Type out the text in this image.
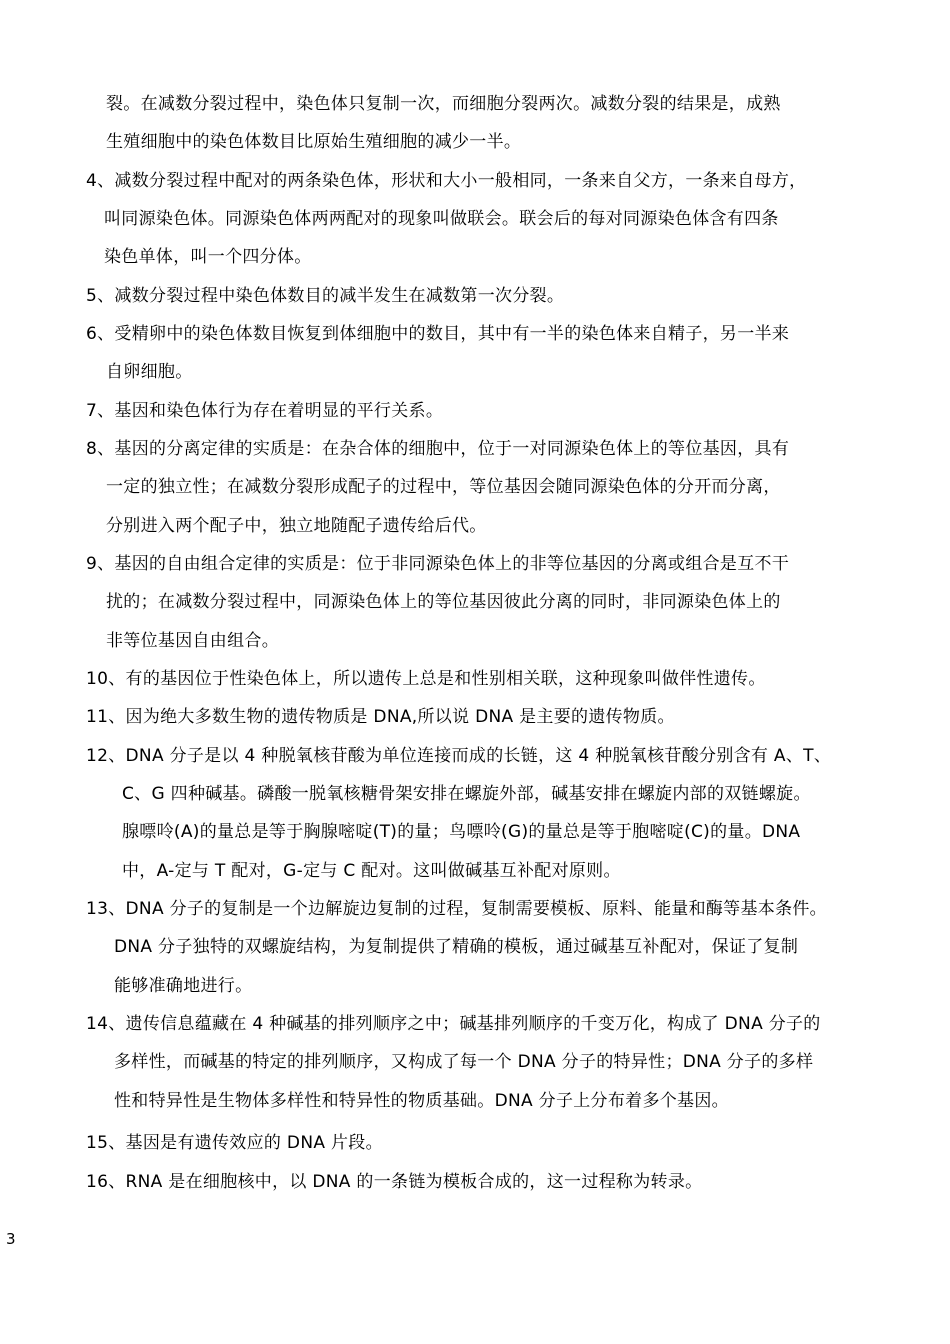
裂。在减数分裂过程中，染色体只复制一次，而细胞分裂两次。减数分裂的结果是，成熟
生殖细胞中的染色体数目比原始生殖细胞的减少一半。
4、减数分裂过程中配对的两条染色体，形状和大小一般相同，一条来自父方，一条来自母方，
叫同源染色体。同源染色体两两配对的现象叫做联会。联会后的每对同源染色体含有四条
染色单体，叫一个四分体。
5、减数分裂过程中染色体数目的减半发生在减数第一次分裂。
6、受精卵中的染色体数目恢复到体细胞中的数目，其中有一半的染色体来自精子，另一半来
自卵细胞。
7、基因和染色体行为存在着明显的平行关系。
8、基因的分离定律的实质是：在杂合体的细胞中，位于一对同源染色体上的等位基因，具有
一定的独立性；在减数分裂形成配子的过程中，等位基因会随同源染色体的分开而分离，
分别进入两个配子中，独立地随配子遗传给后代。
9、基因的自由组合定律的实质是：位于非同源染色体上的非等位基因的分离或组合是互不干
扰的；在减数分裂过程中，同源染色体上的等位基因彼此分离的同时，非同源染色体上的
非等位基因自由组合。
10、有的基因位于性染色体上，所以遗传上总是和性别相关联，这种现象叫做伴性遗传。
11、因为绝大多数生物的遗传物质是 DNA,所以说 DNA 是主要的遗传物质。
12、DNA 分子是以 4 种脱氧核苷酸为单位连接而成的长链，这 4 种脱氧核苷酸分别含有 A、T、
C、G 四种碱基。磷酸一脱氧核糖骨架安排在螺旋外部，碱基安排在螺旋内部的双链螺旋。
腺嘌呤(A)的量总是等于胸腺嘧啶(T)的量；鸟嘌呤(G)的量总是等于胞嘧啶(C)的量。DNA
中，A-定与 T 配对，G-定与 C 配对。这叫做碱基互补配对原则。
13、DNA 分子的复制是一个边解旋边复制的过程，复制需要模板、原料、能量和酶等基本条件。
DNA 分子独特的双螺旋结构，为复制提供了精确的模板，通过碱基互补配对，保证了复制
能够准确地进行。
14、遗传信息蕴藏在 4 种碱基的排列顺序之中；碱基排列顺序的千变万化，构成了 DNA 分子的
多样性，而碱基的特定的排列顺序，又构成了每一个 DNA 分子的特异性；DNA 分子的多样
性和特异性是生物体多样性和特异性的物质基础。DNA 分子上分布着多个基因。
15、基因是有遗传效应的 DNA 片段。
16、RNA 是在细胞核中，以 DNA 的一条链为模板合成的，这一过程称为转录。
3
